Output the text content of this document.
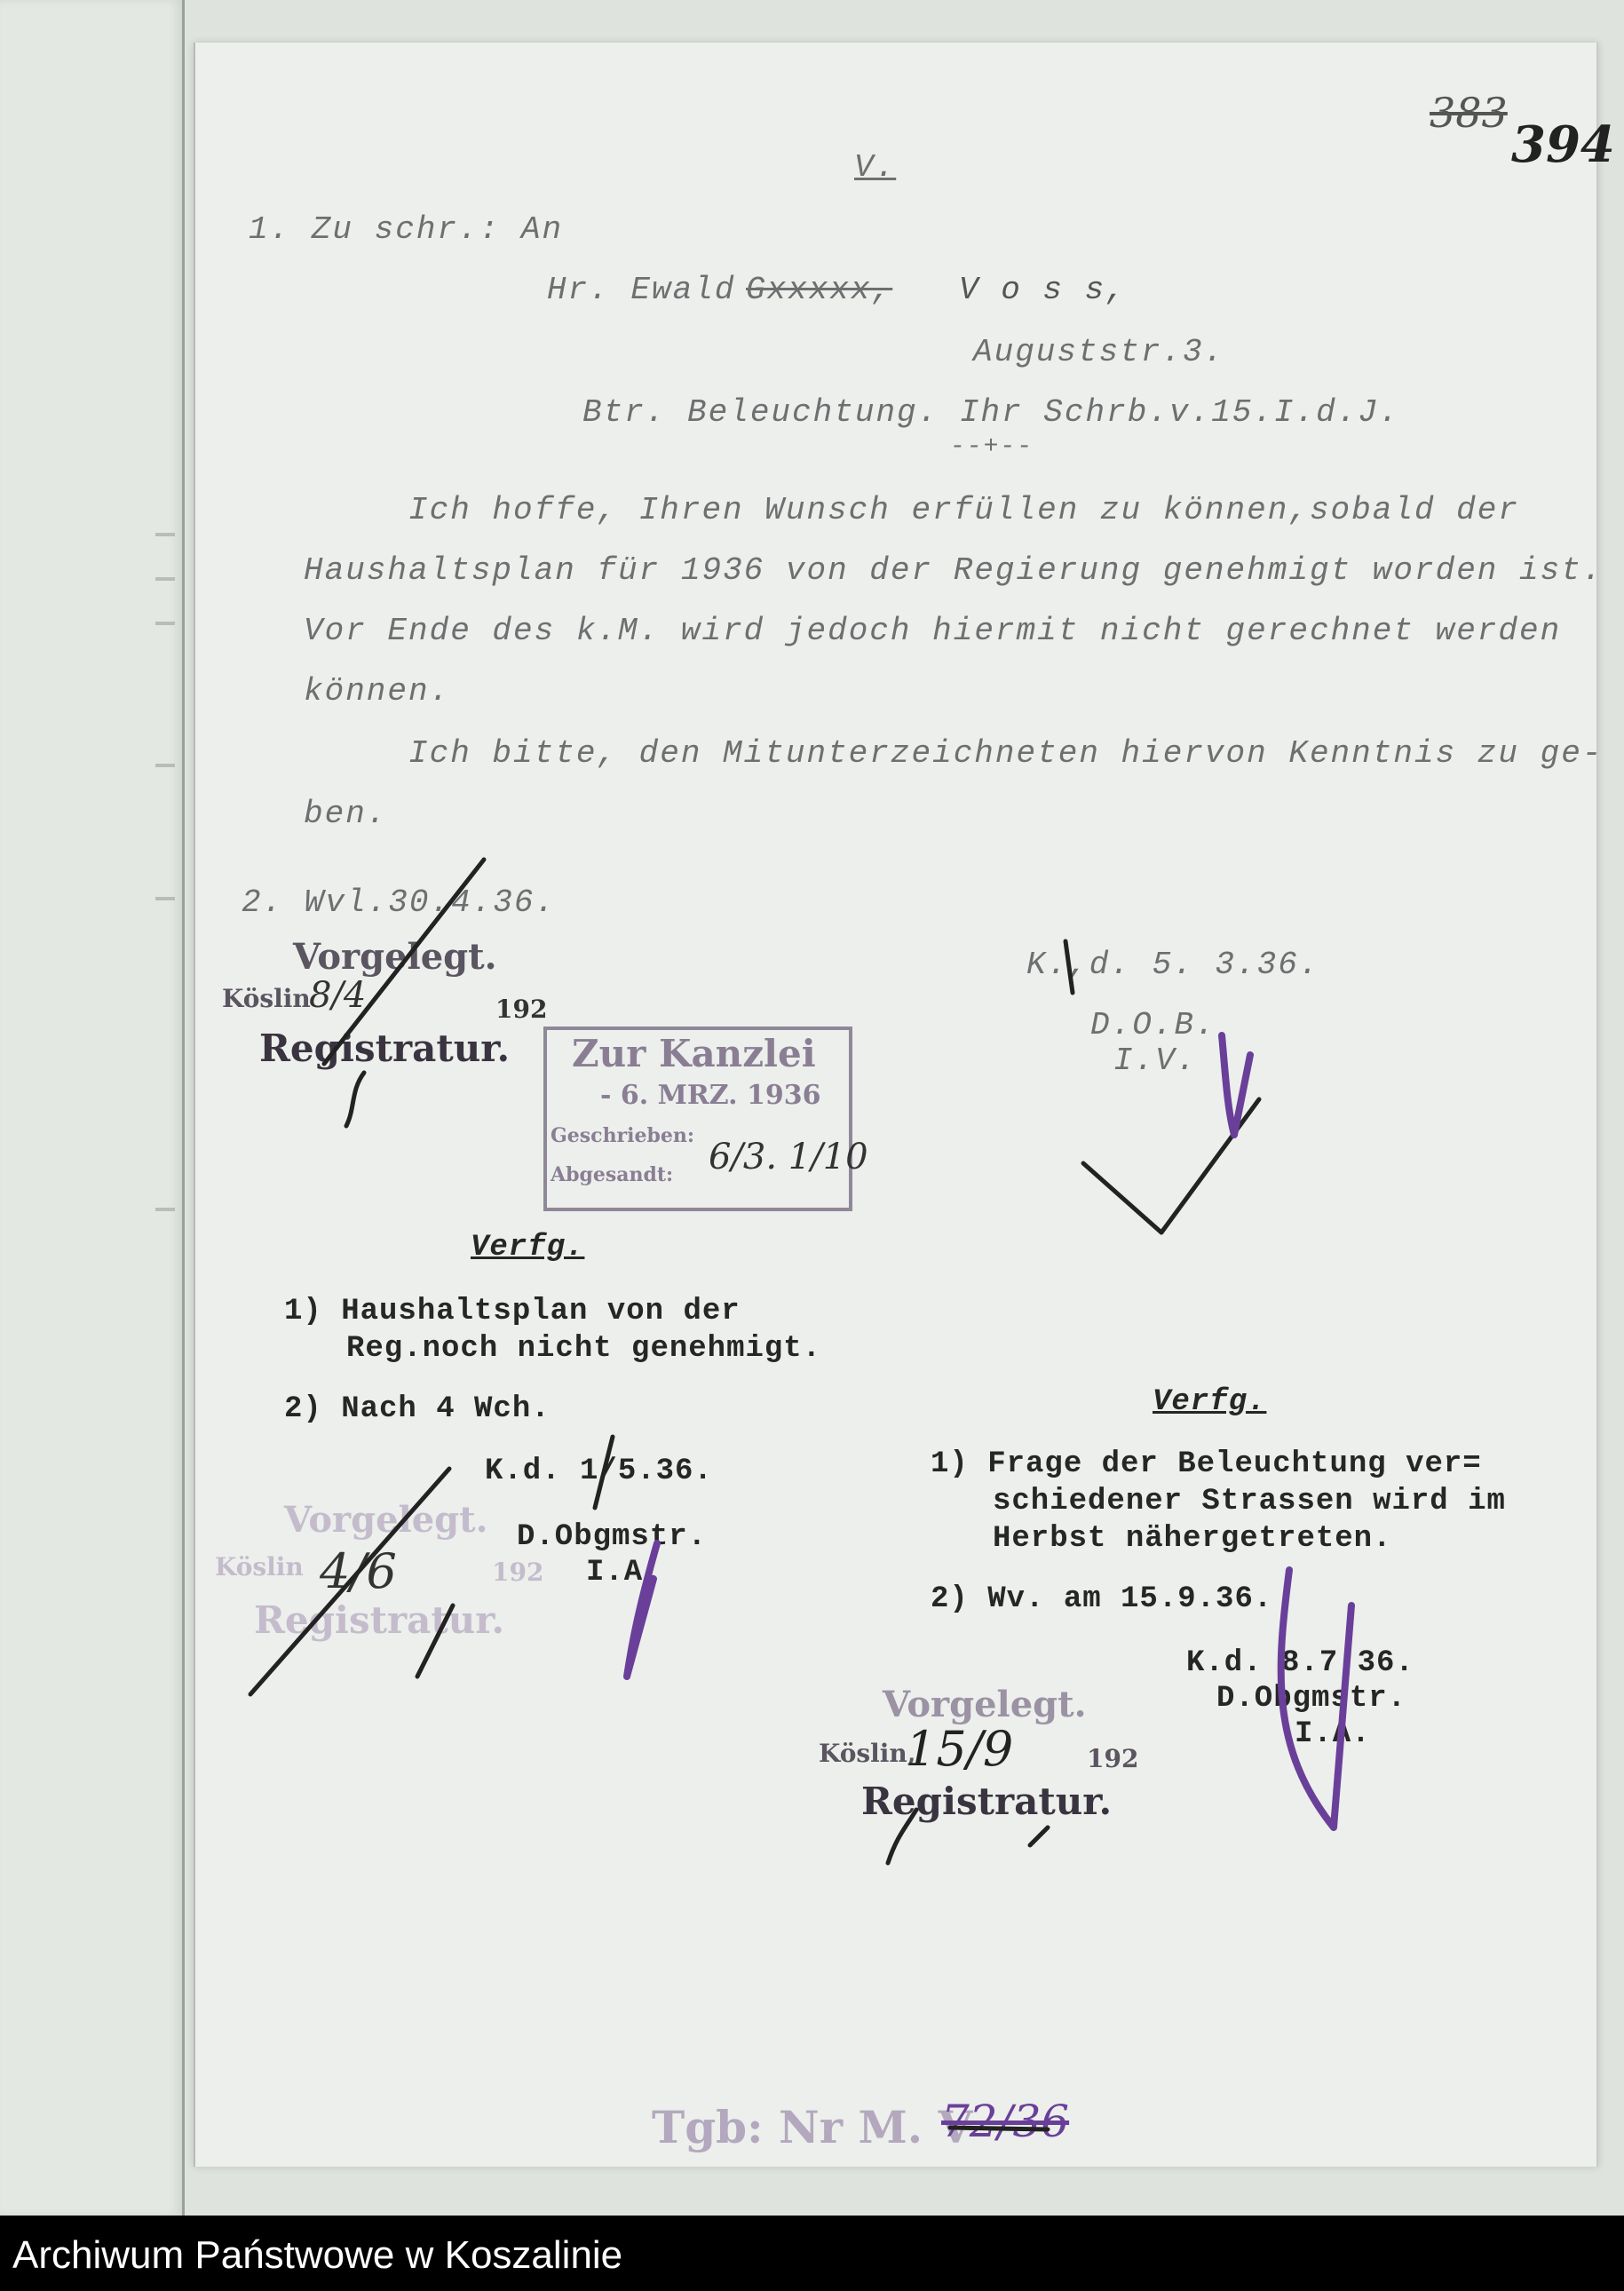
383
394
V.
1. Zu schr.: An
Hr. Ewald Gxxxxx, V o s s,
Auguststr.3.
Btr. Beleuchtung. Ihr Schrb.v.15.I.d.J.
--+--
Ich hoffe, Ihren Wunsch erfüllen zu können,sobald der
Haushaltsplan für 1936 von der Regierung genehmigt worden ist.
Vor Ende des k.M. wird jedoch hiermit nicht gerechnet werden
können.
Ich bitte, den Mitunterzeichneten hiervon Kenntnis zu ge-
ben.
2. Wvl.30.4.36.
K.,d. 5. 3.36.
D.O.B.
I.V.
Vorgelegt.
Köslin
8/4	192
Registratur. Zur Kanzlei
- 6. MRZ. 1936
Geschrieben:
Abgesandt: 6/3. 1/10
Verfg.
1) Haushaltsplan von der
Reg.noch nicht genehmigt.
2) Nach 4 Wch.
K.d. 1/5.36.
D.Obgmstr.
I.A.
Vorgelegt.
Köslin 4/6	192
Registratur.
Verfg.
1) Frage der Beleuchtung ver=
schiedener Strassen wird im
Herbst nähergetreten.
2) Wv. am 15.9.36.
K.d. 8.7.36.
D.Obgmstr.
I.A.
Vorgelegt.
Köslin,
15/9	192
Registratur.
Tgb: Nr M. V
72/36
Archiwum Państwowe w Koszalinie
